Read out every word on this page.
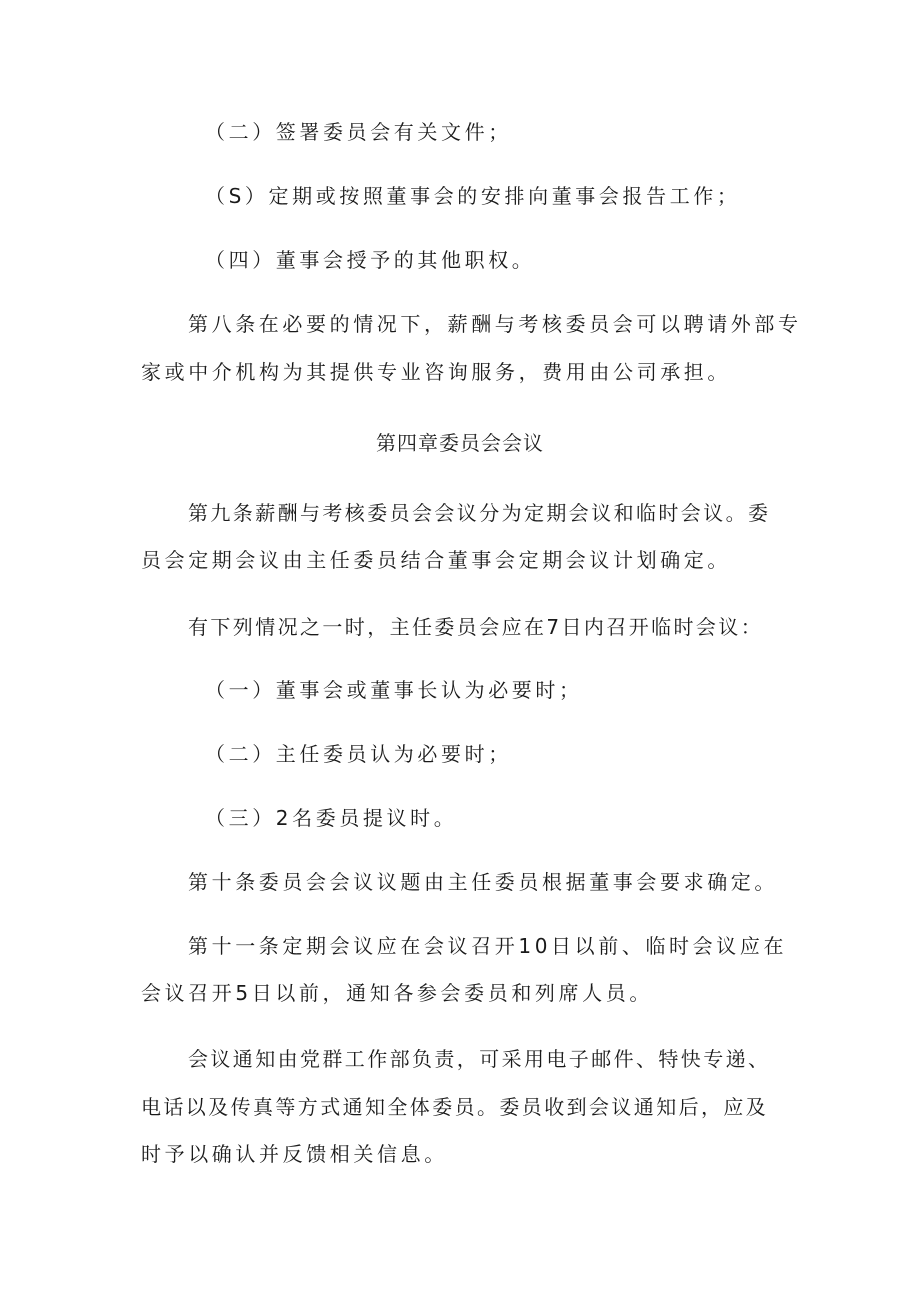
（二）签署委员会有关文件；
（S）定期或按照董事会的安排向董事会报告工作；
（四）董事会授予的其他职权。
第八条在必要的情况下，薪酬与考核委员会可以聘请外部专
家或中介机构为其提供专业咨询服务，费用由公司承担。
第四章委员会会议
第九条薪酬与考核委员会会议分为定期会议和临时会议。委
员会定期会议由主任委员结合董事会定期会议计划确定。
有下列情况之一时，主任委员会应在7日内召开临时会议：
（一）董事会或董事长认为必要时；
（二）主任委员认为必要时；
（三）2名委员提议时。
第十条委员会会议议题由主任委员根据董事会要求确定。
第十一条定期会议应在会议召开10日以前、临时会议应在
会议召开5日以前，通知各参会委员和列席人员。
会议通知由党群工作部负责，可采用电子邮件、特快专递、
电话以及传真等方式通知全体委员。委员收到会议通知后，应及
时予以确认并反馈相关信息。
